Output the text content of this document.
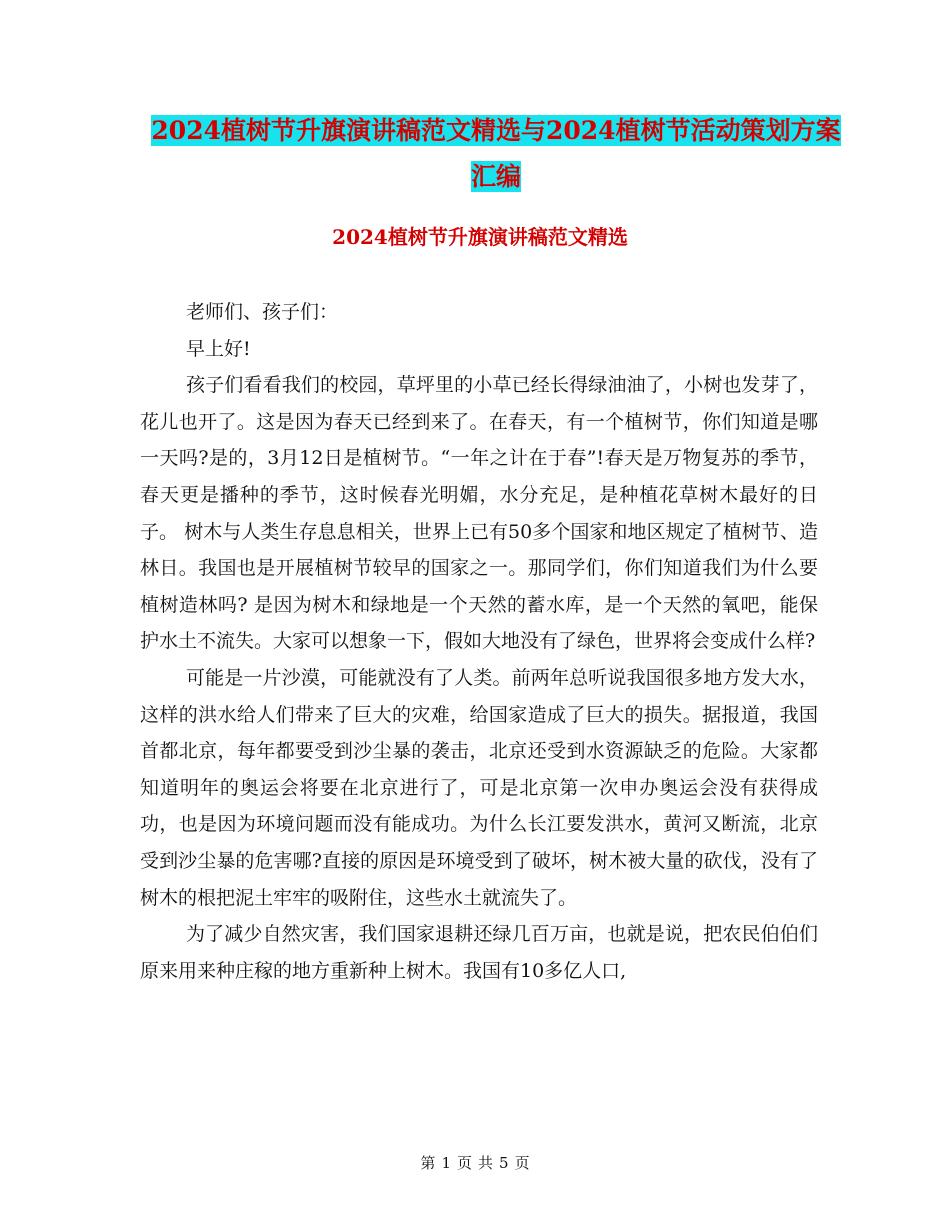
2024植树节升旗演讲稿范文精选与2024植树节活动策划方案汇编
2024植树节升旗演讲稿范文精选

老师们、孩子们：

早上好!

孩子们看看我们的校园，草坪里的小草已经长得绿油油了，小树也发芽了，花儿也开了。这是因为春天已经到来了。在春天，有一个植树节，你们知道是哪一天吗?是的，3月12日是植树节。“一年之计在于春”!春天是万物复苏的季节，春天更是播种的季节，这时候春光明媚，水分充足，是种植花草树木最好的日子。 树木与人类生存息息相关，世界上已有50多个国家和地区规定了植树节、造林日。我国也是开展植树节较早的国家之一。那同学们，你们知道我们为什么要植树造林吗? 是因为树木和绿地是一个天然的蓄水库，是一个天然的氧吧，能保护水土不流失。大家可以想象一下，假如大地没有了绿色，世界将会变成什么样?

可能是一片沙漠，可能就没有了人类。前两年总听说我国很多地方发大水，这样的洪水给人们带来了巨大的灾难，给国家造成了巨大的损失。据报道，我国首都北京，每年都要受到沙尘暴的袭击，北京还受到水资源缺乏的危险。大家都知道明年的奥运会将要在北京进行了，可是北京第一次申办奥运会没有获得成功，也是因为环境问题而没有能成功。为什么长江要发洪水，黄河又断流，北京受到沙尘暴的危害哪?直接的原因是环境受到了破坏，树木被大量的砍伐，没有了树木的根把泥土牢牢的吸附住，这些水土就流失了。

为了减少自然灾害，我们国家退耕还绿几百万亩，也就是说，把农民伯伯们原来用来种庄稼的地方重新种上树木。我国有10多亿人口,

第 1 页 共 5 页
